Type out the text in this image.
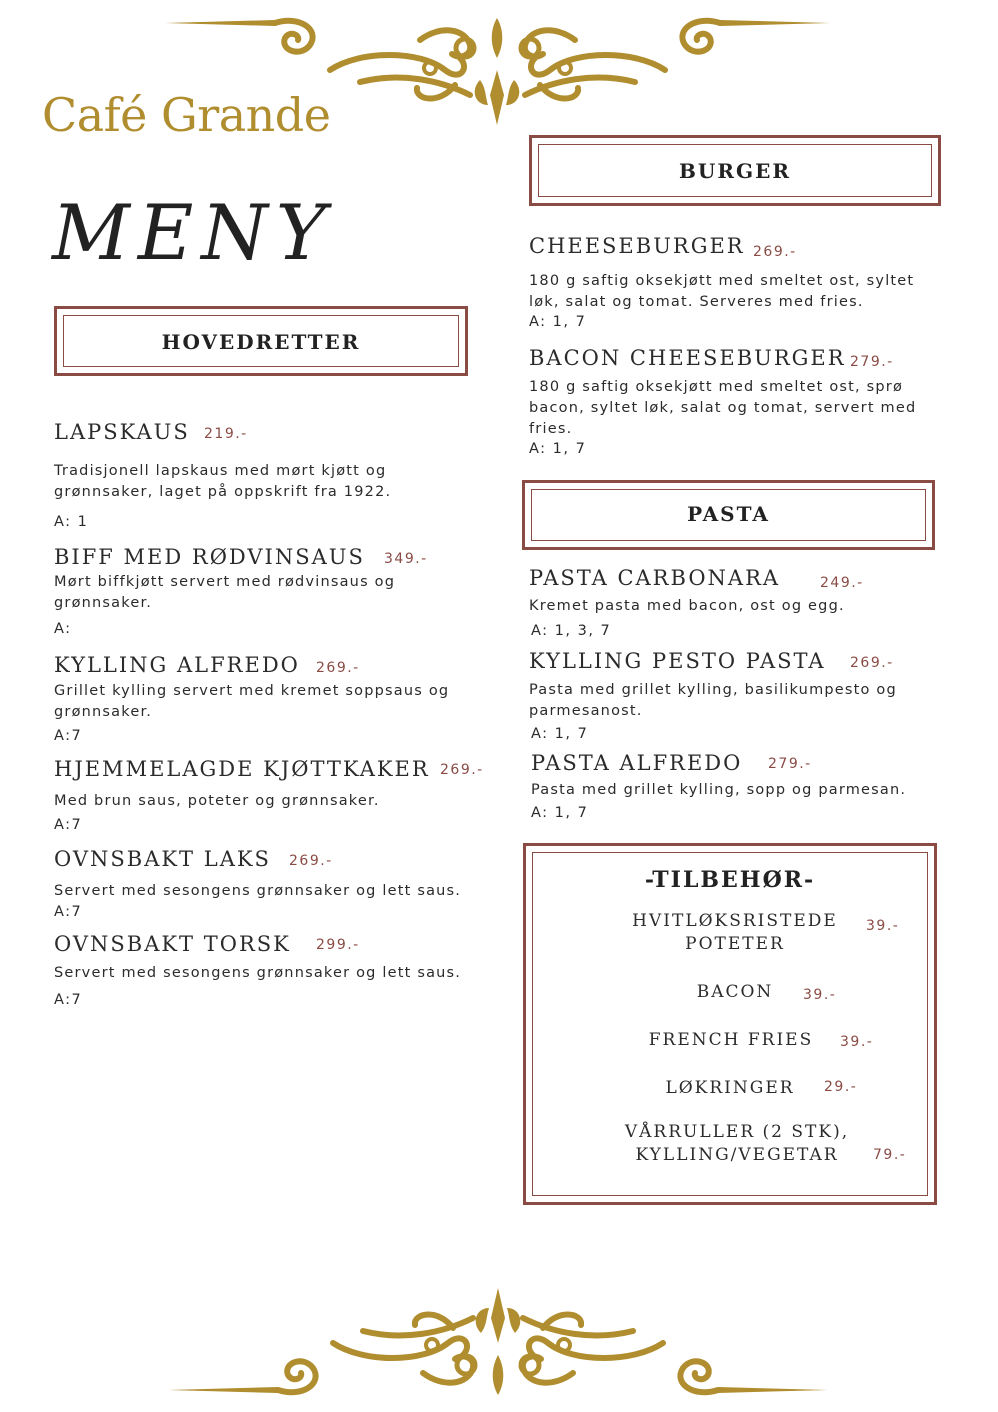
Café Grande
MENY
HOVEDRETTER
LAPSKAUS 219.-
Tradisjonell lapskaus med mørt kjøtt og grønnsaker, laget på oppskrift fra 1922.
A: 1
BIFF MED RØDVINSAUS 349.-
Mørt biffkjøtt servert med rødvinsaus og grønnsaker.
A:
KYLLING ALFREDO 269.-
Grillet kylling servert med kremet soppsaus og grønnsaker.
A:7
HJEMMELAGDE KJØTTKAKER 269.-
Med brun saus, poteter og grønnsaker.
A:7
OVNSBAKT LAKS 269.-
Servert med sesongens grønnsaker og lett saus.
A:7
OVNSBAKT TORSK 299.-
Servert med sesongens grønnsaker og lett saus.
A:7
BURGER
CHEESEBURGER 269.-
180 g saftig oksekjøtt med smeltet ost, syltet løk, salat og tomat. Serveres med fries.
A: 1, 7
BACON CHEESEBURGER 279.-
180 g saftig oksekjøtt med smeltet ost, sprø bacon, syltet løk, salat og tomat, servert med fries.
A: 1, 7
PASTA
PASTA CARBONARA	249.-
Kremet pasta med bacon, ost og egg.
A: 1, 3, 7
KYLLING PESTO PASTA 269.-
Pasta med grillet kylling, basilikumpesto og parmesanost.
A: 1, 7
PASTA ALFREDO 279.-
Pasta med grillet kylling, sopp og parmesan.
A: 1, 7
-TILBEHØR-
HVITLØKSRISTEDE
POTETER
39.-
BACON	39.-
FRENCH FRIES	39.-
LØKRINGER	29.-
VÅRRULLER (2 STK),
KYLLING/VEGETAR	79.-
